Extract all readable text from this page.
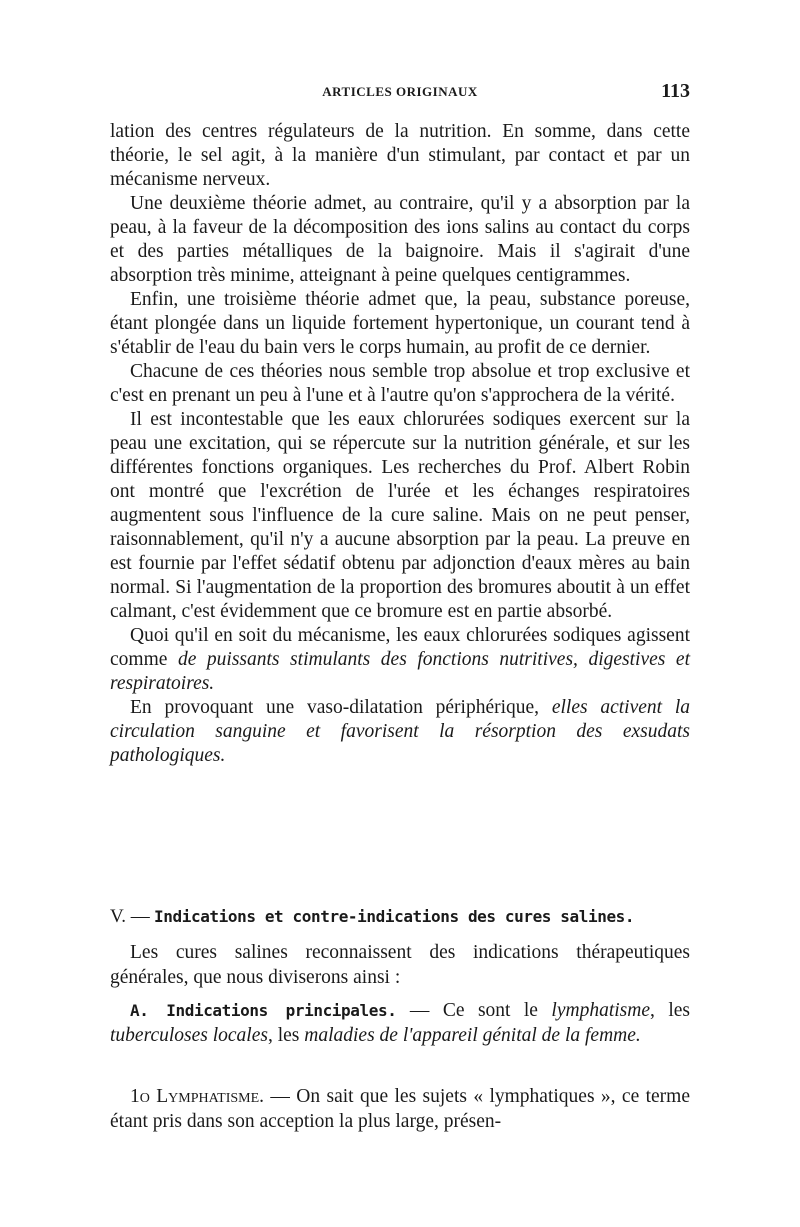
ARTICLES ORIGINAUX	113

lation des centres régulateurs de la nutrition. En somme, dans cette théorie, le sel agit, à la manière d'un stimulant, par contact et par un mécanisme nerveux.

Une deuxième théorie admet, au contraire, qu'il y a absorption par la peau, à la faveur de la décomposition des ions salins au contact du corps et des parties métalliques de la baignoire. Mais il s'agirait d'une absorption très minime, atteignant à peine quelques centigrammes.

Enfin, une troisième théorie admet que, la peau, substance poreuse, étant plongée dans un liquide fortement hypertonique, un courant tend à s'établir de l'eau du bain vers le corps humain, au profit de ce dernier.

Chacune de ces théories nous semble trop absolue et trop exclusive et c'est en prenant un peu à l'une et à l'autre qu'on s'approchera de la vérité.

Il est incontestable que les eaux chlorurées sodiques exercent sur la peau une excitation, qui se répercute sur la nutrition générale, et sur les différentes fonctions organiques. Les recherches du Prof. Albert Robin ont montré que l'excrétion de l'urée et les échanges respiratoires augmentent sous l'influence de la cure saline. Mais on ne peut penser, raisonnablement, qu'il n'y a aucune absorption par la peau. La preuve en est fournie par l'effet sédatif obtenu par adjonction d'eaux mères au bain normal. Si l'augmentation de la proportion des bromures aboutit à un effet calmant, c'est évidemment que ce bromure est en partie absorbé.

Quoi qu'il en soit du mécanisme, les eaux chlorurées sodiques agissent comme de puissants stimulants des fonctions nutritives, digestives et respiratoires.

En provoquant une vaso-dilatation périphérique, elles activent la circulation sanguine et favorisent la résorption des exsudats pathologiques.

V. — Indications et contre-indications des cures salines.

Les cures salines reconnaissent des indications thérapeutiques générales, que nous diviserons ainsi :

A. Indications principales. — Ce sont le lymphatisme, les tuberculoses locales, les maladies de l'appareil génital de la femme.

1o Lymphatisme. — On sait que les sujets « lymphatiques », ce terme étant pris dans son acception la plus large, présen-
